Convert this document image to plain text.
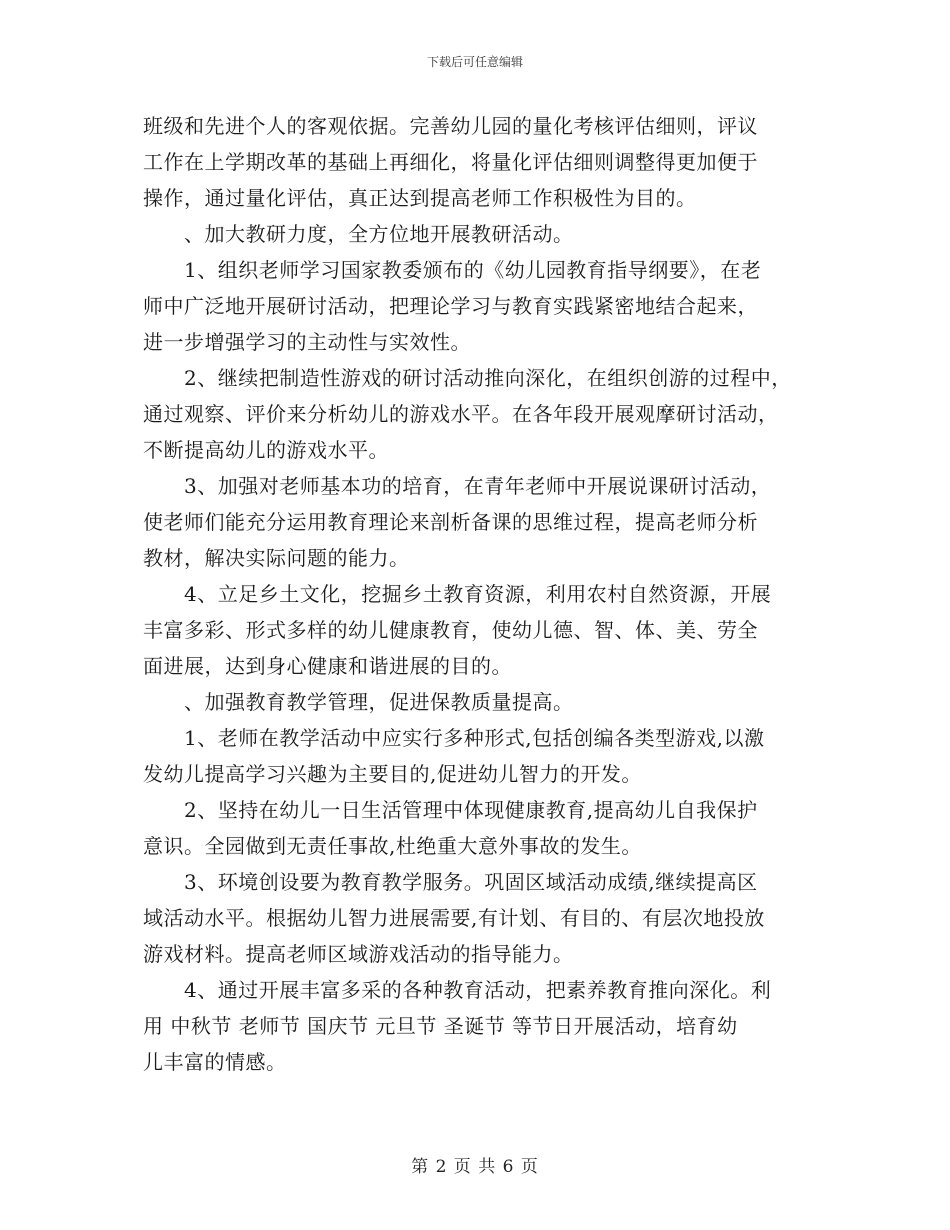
下载后可任意编辑
班级和先进个人的客观依据。完善幼儿园的量化考核评估细则，评议
工作在上学期改革的基础上再细化，将量化评估细则调整得更加便于
操作，通过量化评估，真正达到提高老师工作积极性为目的。
　　、加大教研力度，全方位地开展教研活动。
　　1、组织老师学习国家教委颁布的《幼儿园教育指导纲要》，在老
师中广泛地开展研讨活动，把理论学习与教育实践紧密地结合起来，
进一步增强学习的主动性与实效性。
　　2、继续把制造性游戏的研讨活动推向深化，在组织创游的过程中，
通过观察、评价来分析幼儿的游戏水平。在各年段开展观摩研讨活动，
不断提高幼儿的游戏水平。
　　3、加强对老师基本功的培育，在青年老师中开展说课研讨活动，
使老师们能充分运用教育理论来剖析备课的思维过程，提高老师分析
教材，解决实际问题的能力。
　　4、立足乡土文化，挖掘乡土教育资源，利用农村自然资源，开展
丰富多彩、形式多样的幼儿健康教育，使幼儿德、智、体、美、劳全
面进展，达到身心健康和谐进展的目的。
　　、加强教育教学管理，促进保教质量提高。
　　1、老师在教学活动中应实行多种形式,包括创编各类型游戏,以激
发幼儿提高学习兴趣为主要目的,促进幼儿智力的开发。
　　2、坚持在幼儿一日生活管理中体现健康教育,提高幼儿自我保护
意识。全园做到无责任事故,杜绝重大意外事故的发生。
　　3、环境创设要为教育教学服务。巩固区域活动成绩,继续提高区
域活动水平。根据幼儿智力进展需要,有计划、有目的、有层次地投放
游戏材料。提高老师区域游戏活动的指导能力。
　　4、通过开展丰富多采的各种教育活动，把素养教育推向深化。利
用 中秋节 老师节 国庆节 元旦节 圣诞节 等节日开展活动，培育幼
儿丰富的情感。
第 2 页 共 6 页
